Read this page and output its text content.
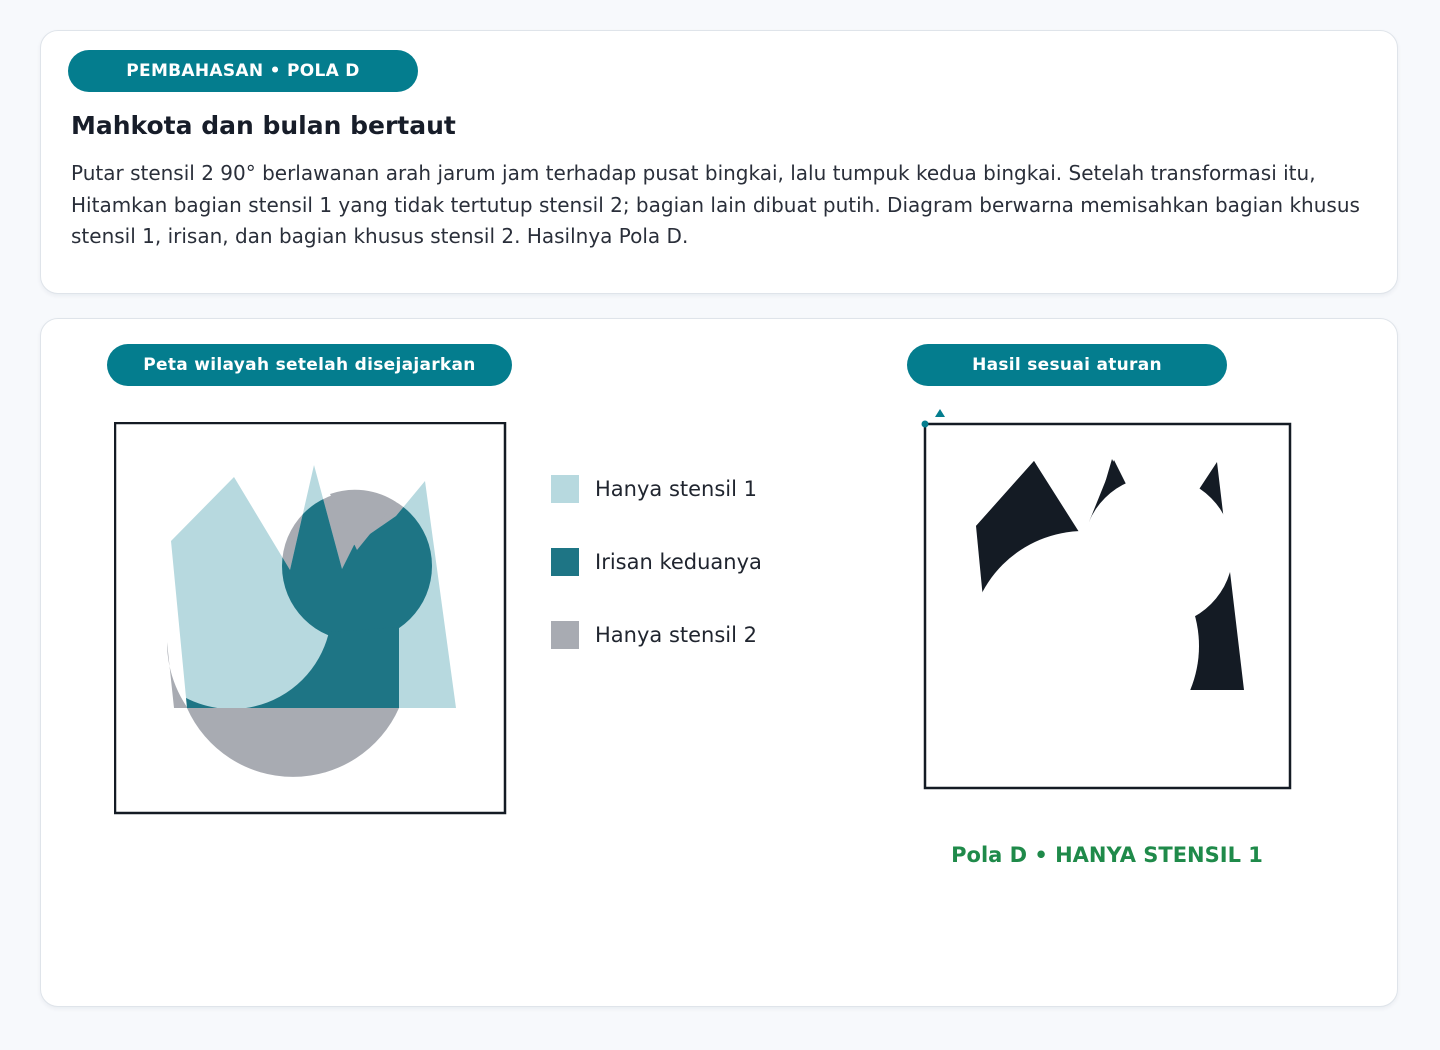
PEMBAHASAN • POLA D
Mahkota dan bulan bertaut

Putar stensil 2 90° berlawanan arah jarum jam terhadap pusat bingkai, lalu tumpuk kedua bingkai. Setelah transformasi itu, Hitamkan bagian stensil 1 yang tidak tertutup stensil 2; bagian lain dibuat putih. Diagram berwarna memisahkan bagian khusus stensil 1, irisan, dan bagian khusus stensil 2. Hasilnya Pola D.

Peta wilayah setelah disejajarkan	Hasil sesuai aturan
Hanya stensil 1
Irisan keduanya
Hanya stensil 2
Pola D • HANYA STENSIL 1
